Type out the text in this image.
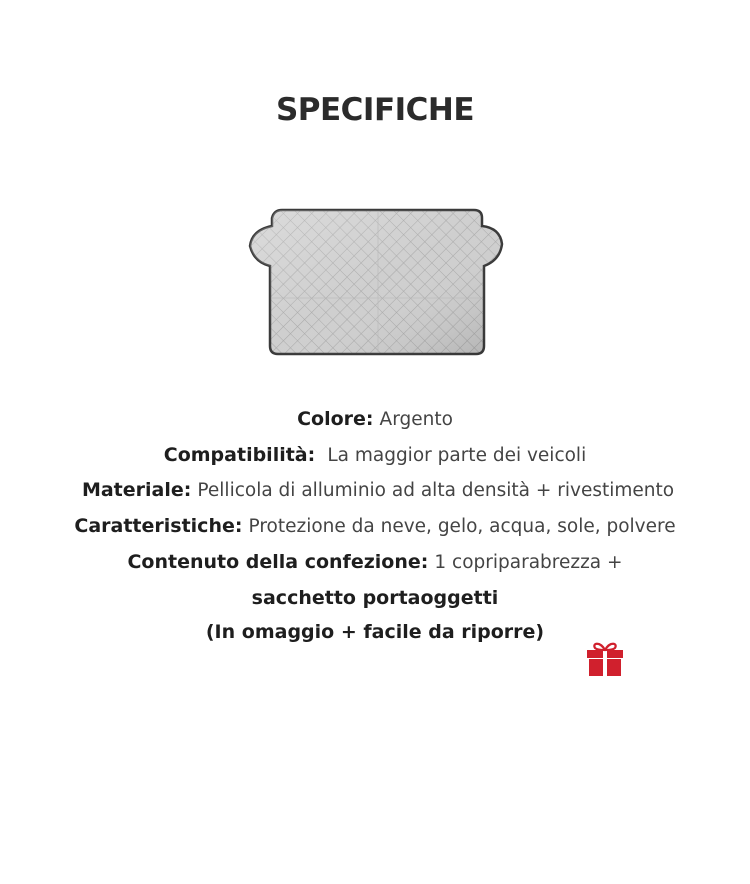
SPECIFICHE
Colore: Argento
Compatibilità: La maggior parte dei veicoli
Materiale: Pellicola di alluminio ad alta densità + rivestimento
Caratteristiche: Protezione da neve, gelo, acqua, sole, polvere
Contenuto della confezione: 1 copriparabrezza +
sacchetto portaoggetti
(In omaggio + facile da riporre)
